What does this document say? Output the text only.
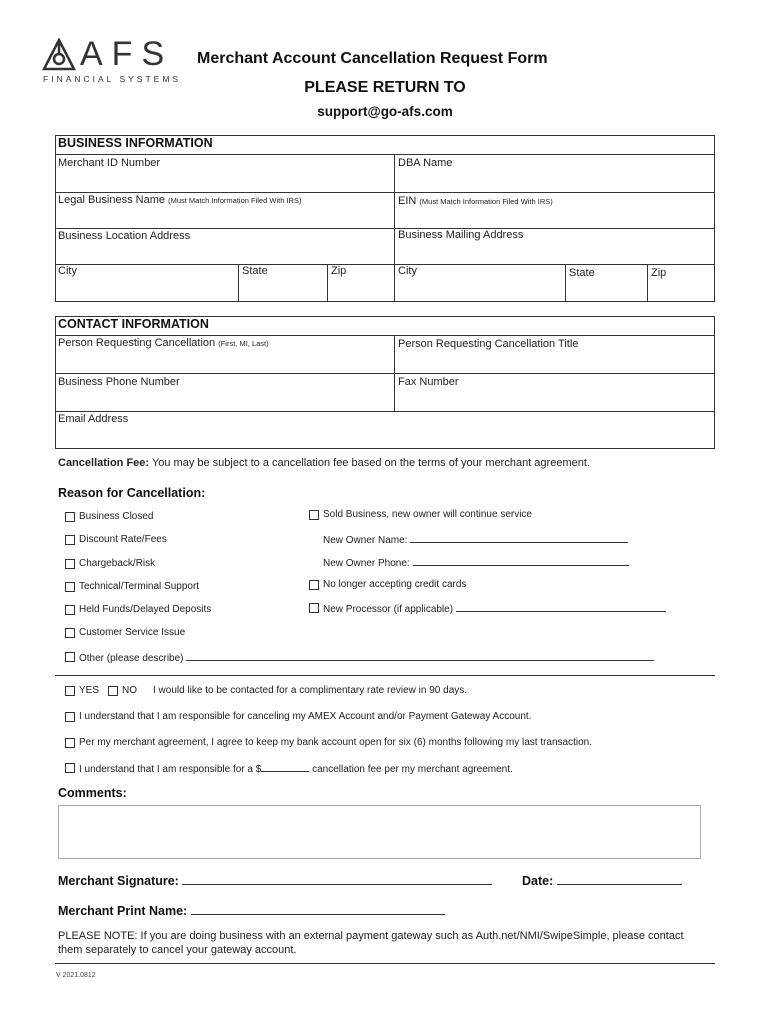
AFS
FINANCIAL SYSTEMS
Merchant Account Cancellation Request Form
PLEASE RETURN TO
support@go-afs.com
BUSINESS INFORMATION
Merchant ID Number	DBA Name
Legal Business Name (Must Match Information Filed With IRS)	EIN (Must Match Information Filed With IRS)
Business Location Address	Business Mailing Address
City	State	Zip	City	State	Zip
CONTACT INFORMATION
Person Requesting Cancellation (First, MI, Last)	Person Requesting Cancellation Title
Business Phone Number	Fax Number
Email Address
Cancellation Fee: You may be subject to a cancellation fee based on the terms of your merchant agreement.
Reason for Cancellation:
Business Closed
Discount Rate/Fees
Chargeback/Risk
Technical/Terminal Support
Held Funds/Delayed Deposits
Customer Service Issue
Other (please describe)
Sold Business, new owner will continue service
New Owner Name:
New Owner Phone:
No longer accepting credit cards
New Processor (if applicable)
YES NO I would like to be contacted for a complimentary rate review in 90 days.
I understand that I am responsible for canceling my AMEX Account and/or Payment Gateway Account.
Per my merchant agreement, I agree to keep my bank account open for six (6) months following my last transaction.
I understand that I am responsible for a $	cancellation fee per my merchant agreement.
Comments:
Merchant Signature:	Date:
Merchant Print Name:
PLEASE NOTE: If you are doing business with an external payment gateway such as Auth.net/NMI/SwipeSimple, please contact them separately to cancel your gateway account.
V 2021.0812
